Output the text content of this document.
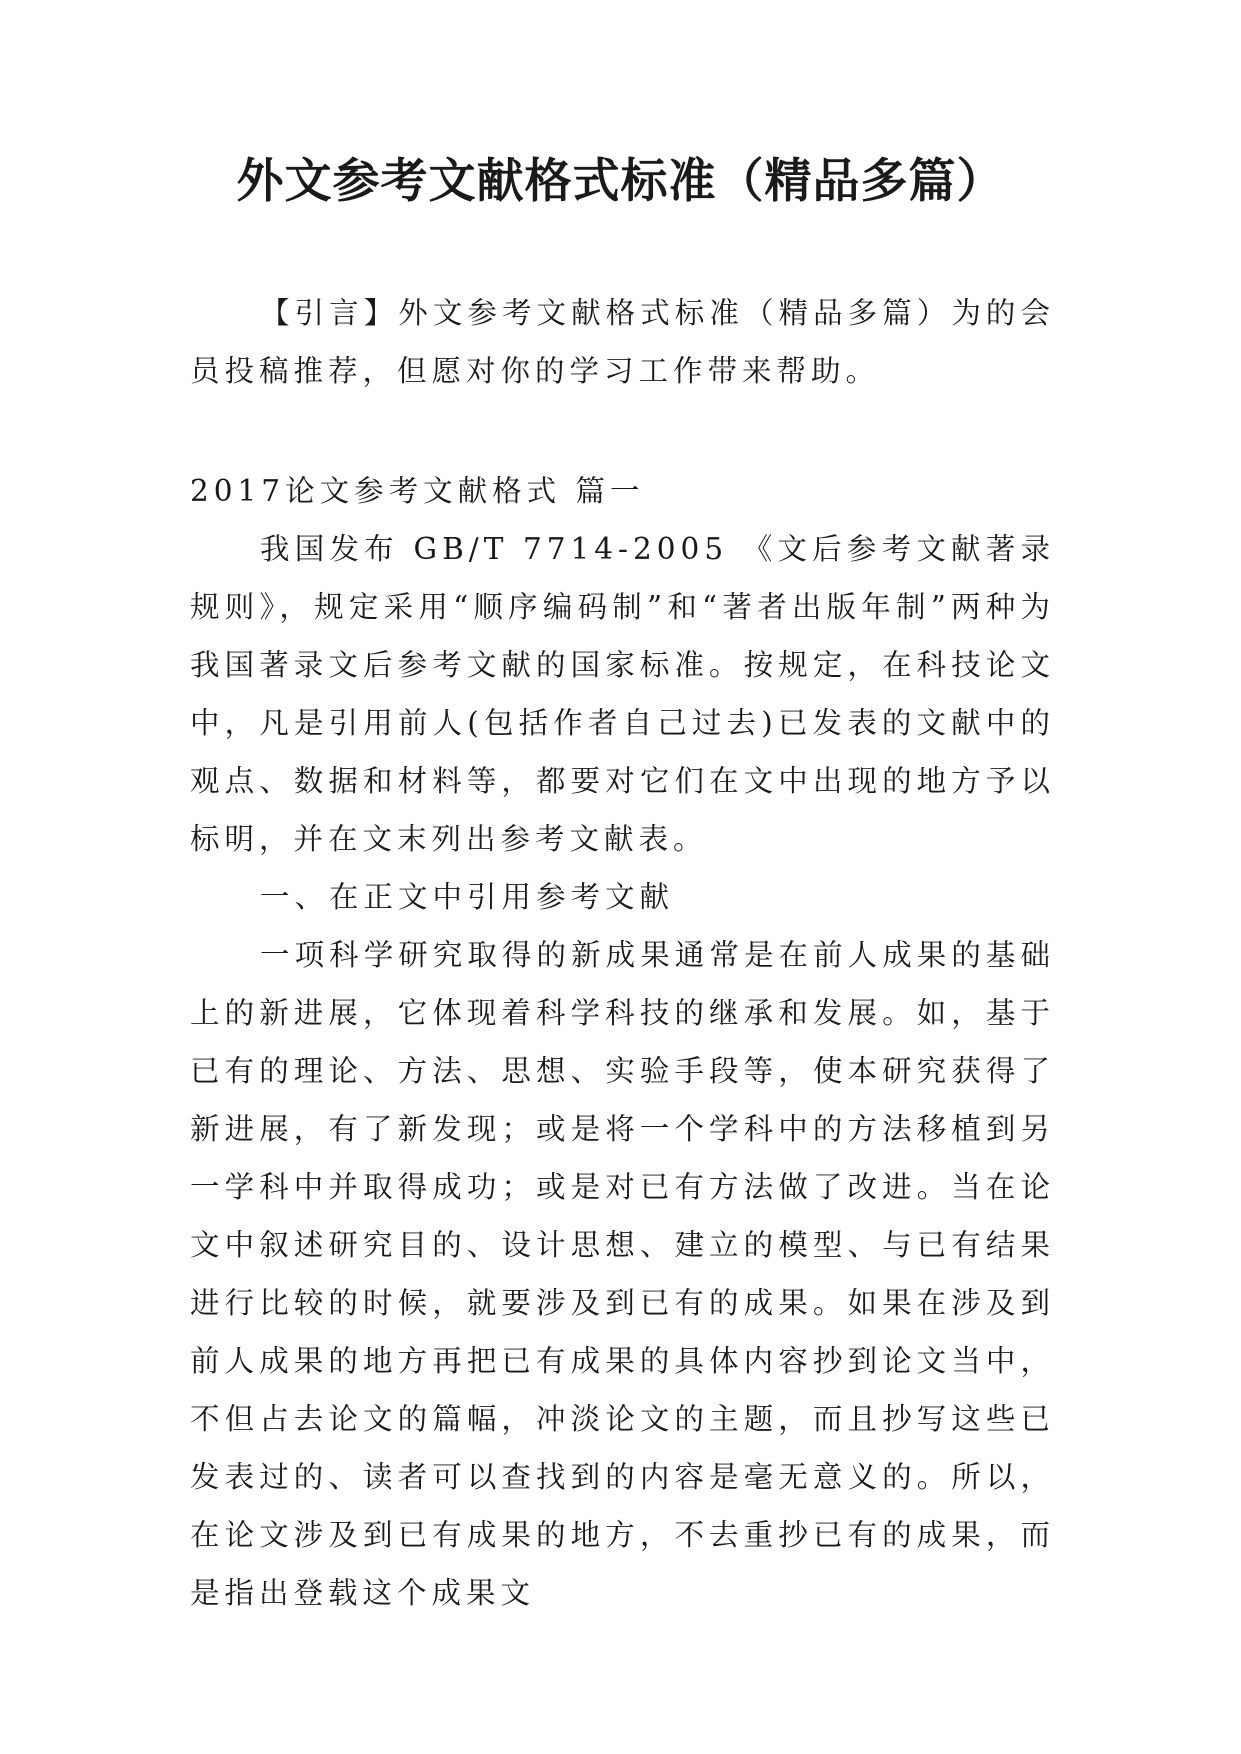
外文参考文献格式标准（精品多篇）

【引言】外文参考文献格式标准（精品多篇）为的会员投稿推荐，但愿对你的学习工作带来帮助。

2017论文参考文献格式 篇一

我国发布 GB/T 7714-2005 《文后参考文献著录规则》，规定采用“顺序编码制”和“著者出版年制”两种为我国著录文后参考文献的国家标准。按规定，在科技论文中，凡是引用前人(包括作者自己过去)已发表的文献中的观点、数据和材料等，都要对它们在文中出现的地方予以标明，并在文末列出参考文献表。

一、在正文中引用参考文献

一项科学研究取得的新成果通常是在前人成果的基础上的新进展，它体现着科学科技的继承和发展。如，基于已有的理论、方法、思想、实验手段等，使本研究获得了新进展，有了新发现；或是将一个学科中的方法移植到另一学科中并取得成功；或是对已有方法做了改进。当在论文中叙述研究目的、设计思想、建立的模型、与已有结果进行比较的时候，就要涉及到已有的成果。如果在涉及到前人成果的地方再把已有成果的具体内容抄到论文当中，不但占去论文的篇幅，冲淡论文的主题，而且抄写这些已发表过的、读者可以查找到的内容是毫无意义的。所以，在论文涉及到已有成果的地方，不去重抄已有的成果，而是指出登载这个成果文
